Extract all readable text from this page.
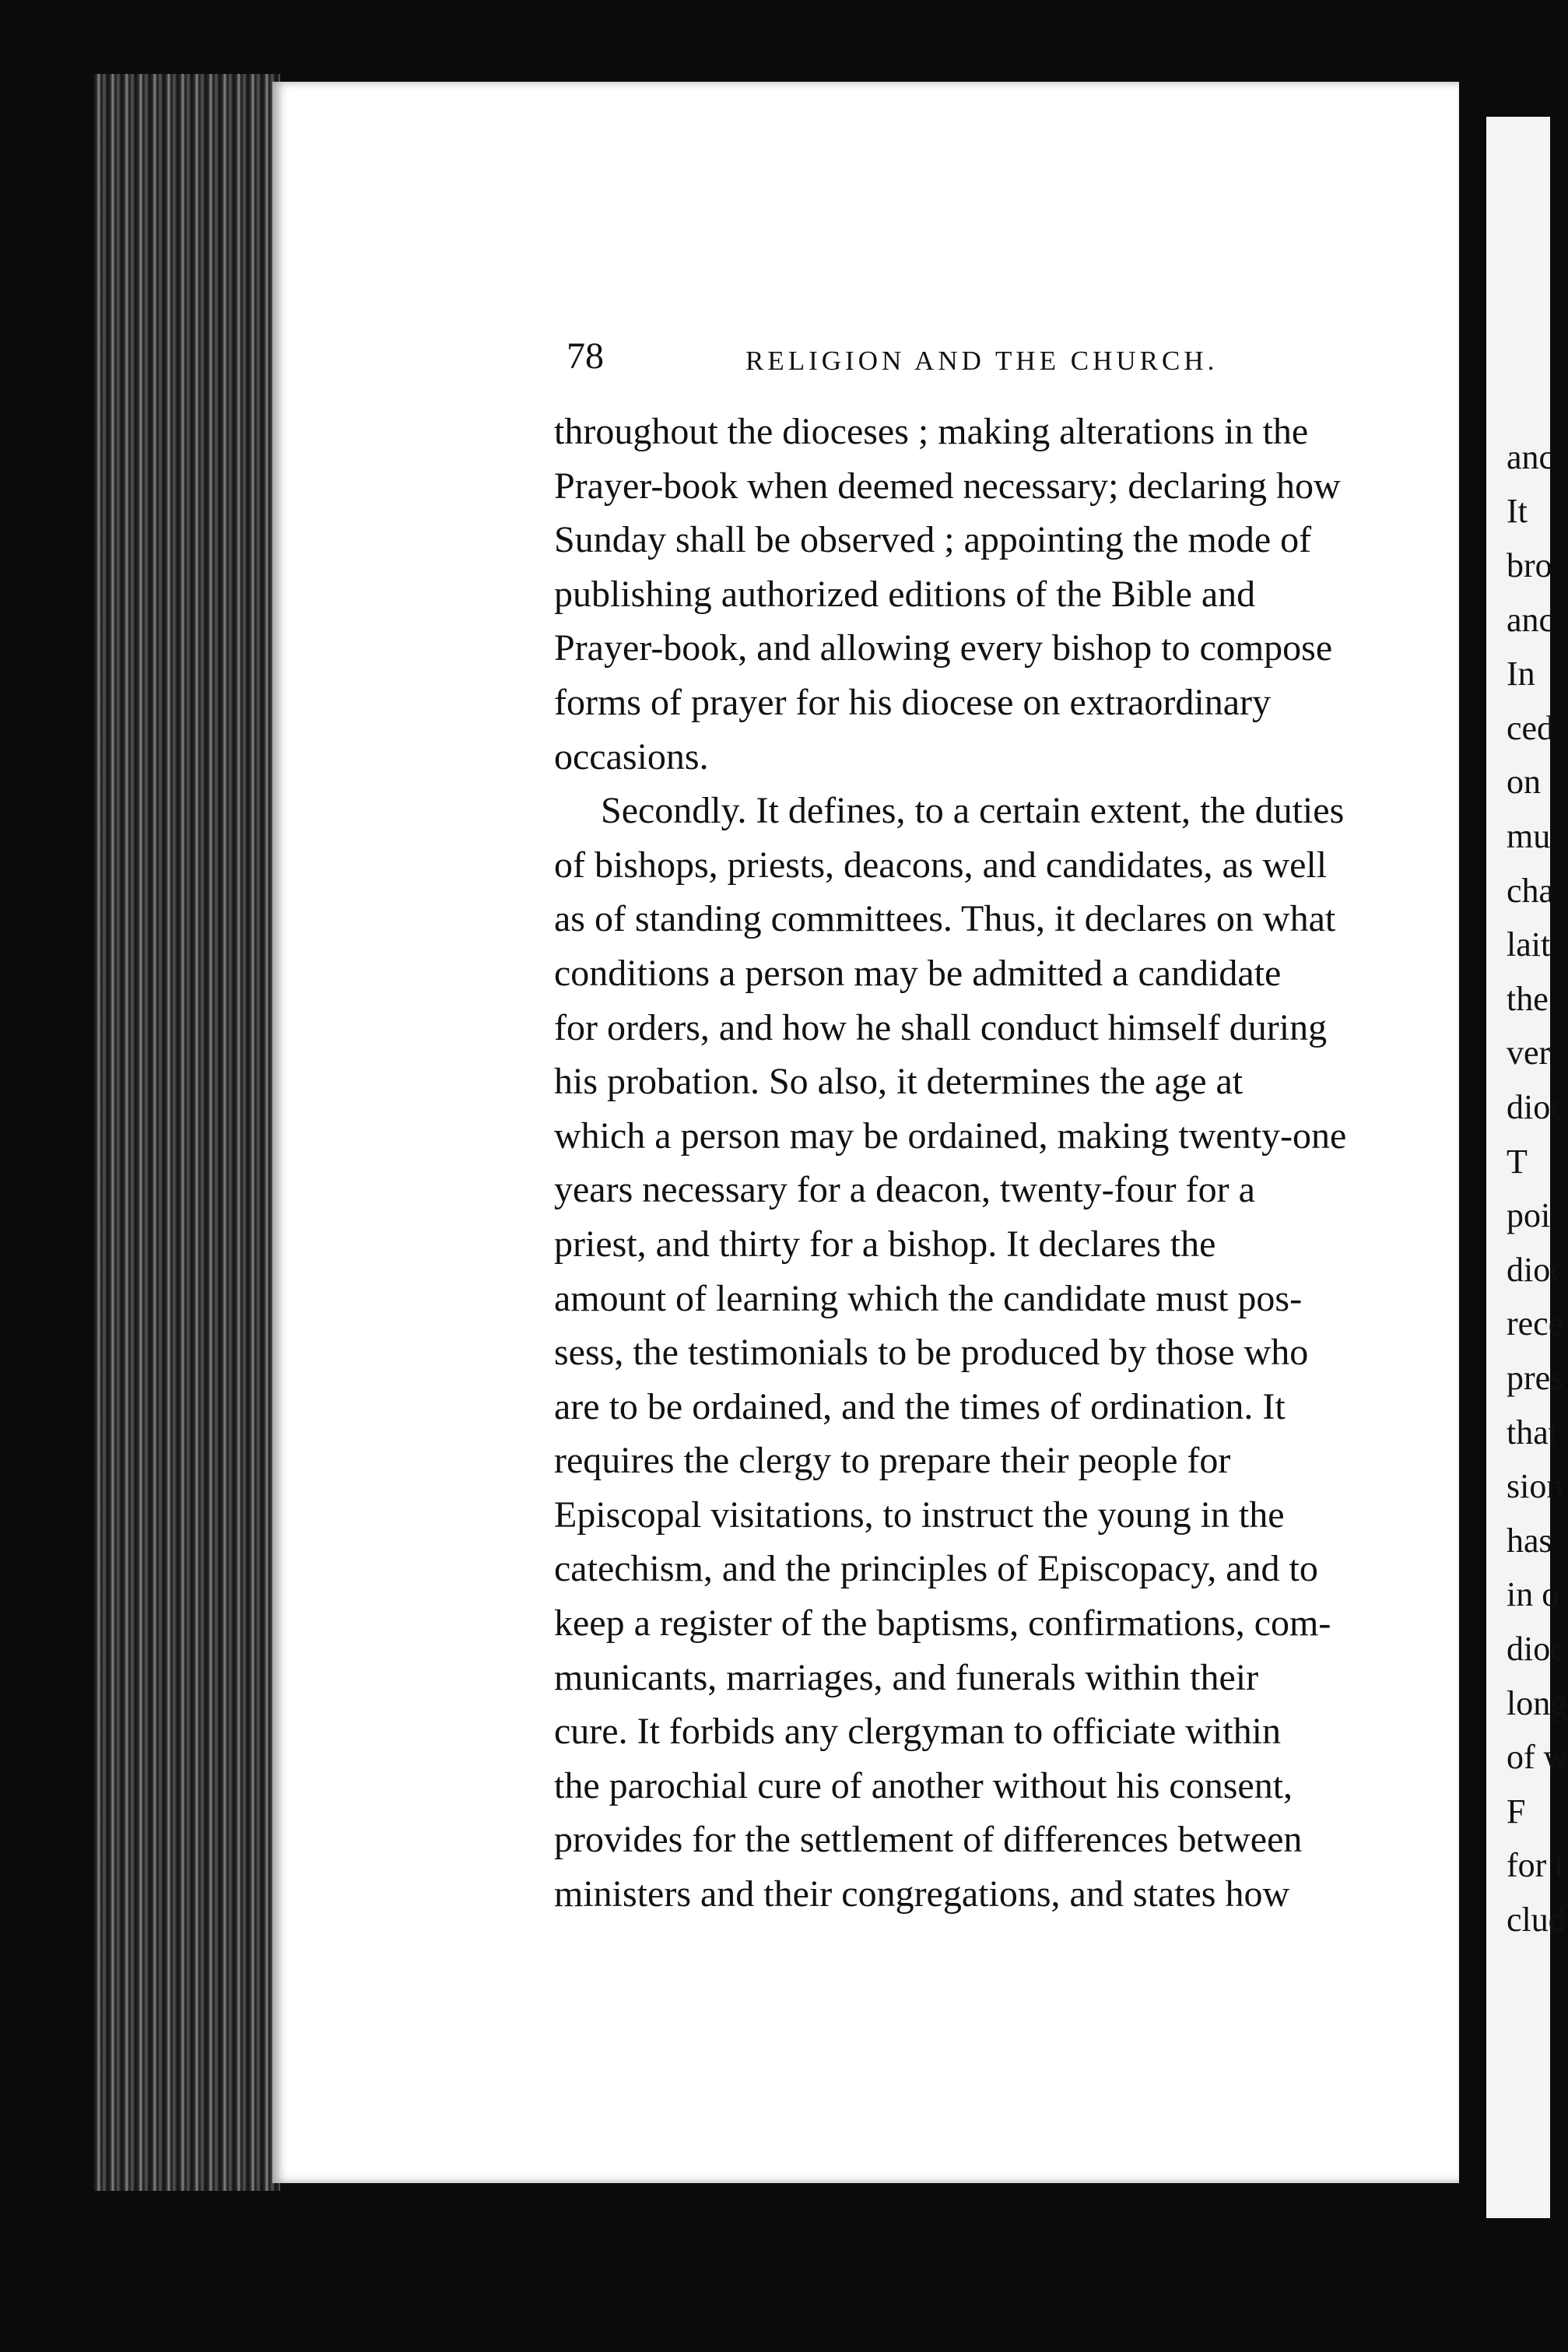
anc
It
bro
anc
In
ced
on
mu
cha
lait
the
ver
dioc
T
poi
dioc
rece
pres
that
sion
has
in o
dioc
long
of w
F
for t
clud
78	RELIGION AND THE CHURCH.
throughout the dioceses ; making alterations in the
Prayer-book when deemed necessary; declaring how
Sunday shall be observed ; appointing the mode of
publishing authorized editions of the Bible and
Prayer-book, and allowing every bishop to compose
forms of prayer for his diocese on extraordinary
occasions.
Secondly. It defines, to a certain extent, the duties
of bishops, priests, deacons, and candidates, as well
as of standing committees. Thus, it declares on what
conditions a person may be admitted a candidate
for orders, and how he shall conduct himself during
his probation. So also, it determines the age at
which a person may be ordained, making twenty-one
years necessary for a deacon, twenty-four for a
priest, and thirty for a bishop. It declares the
amount of learning which the candidate must pos-
sess, the testimonials to be produced by those who
are to be ordained, and the times of ordination. It
requires the clergy to prepare their people for
Episcopal visitations, to instruct the young in the
catechism, and the principles of Episcopacy, and to
keep a register of the baptisms, confirmations, com-
municants, marriages, and funerals within their
cure. It forbids any clergyman to officiate within
the parochial cure of another without his consent,
provides for the settlement of differences between
ministers and their congregations, and states how
